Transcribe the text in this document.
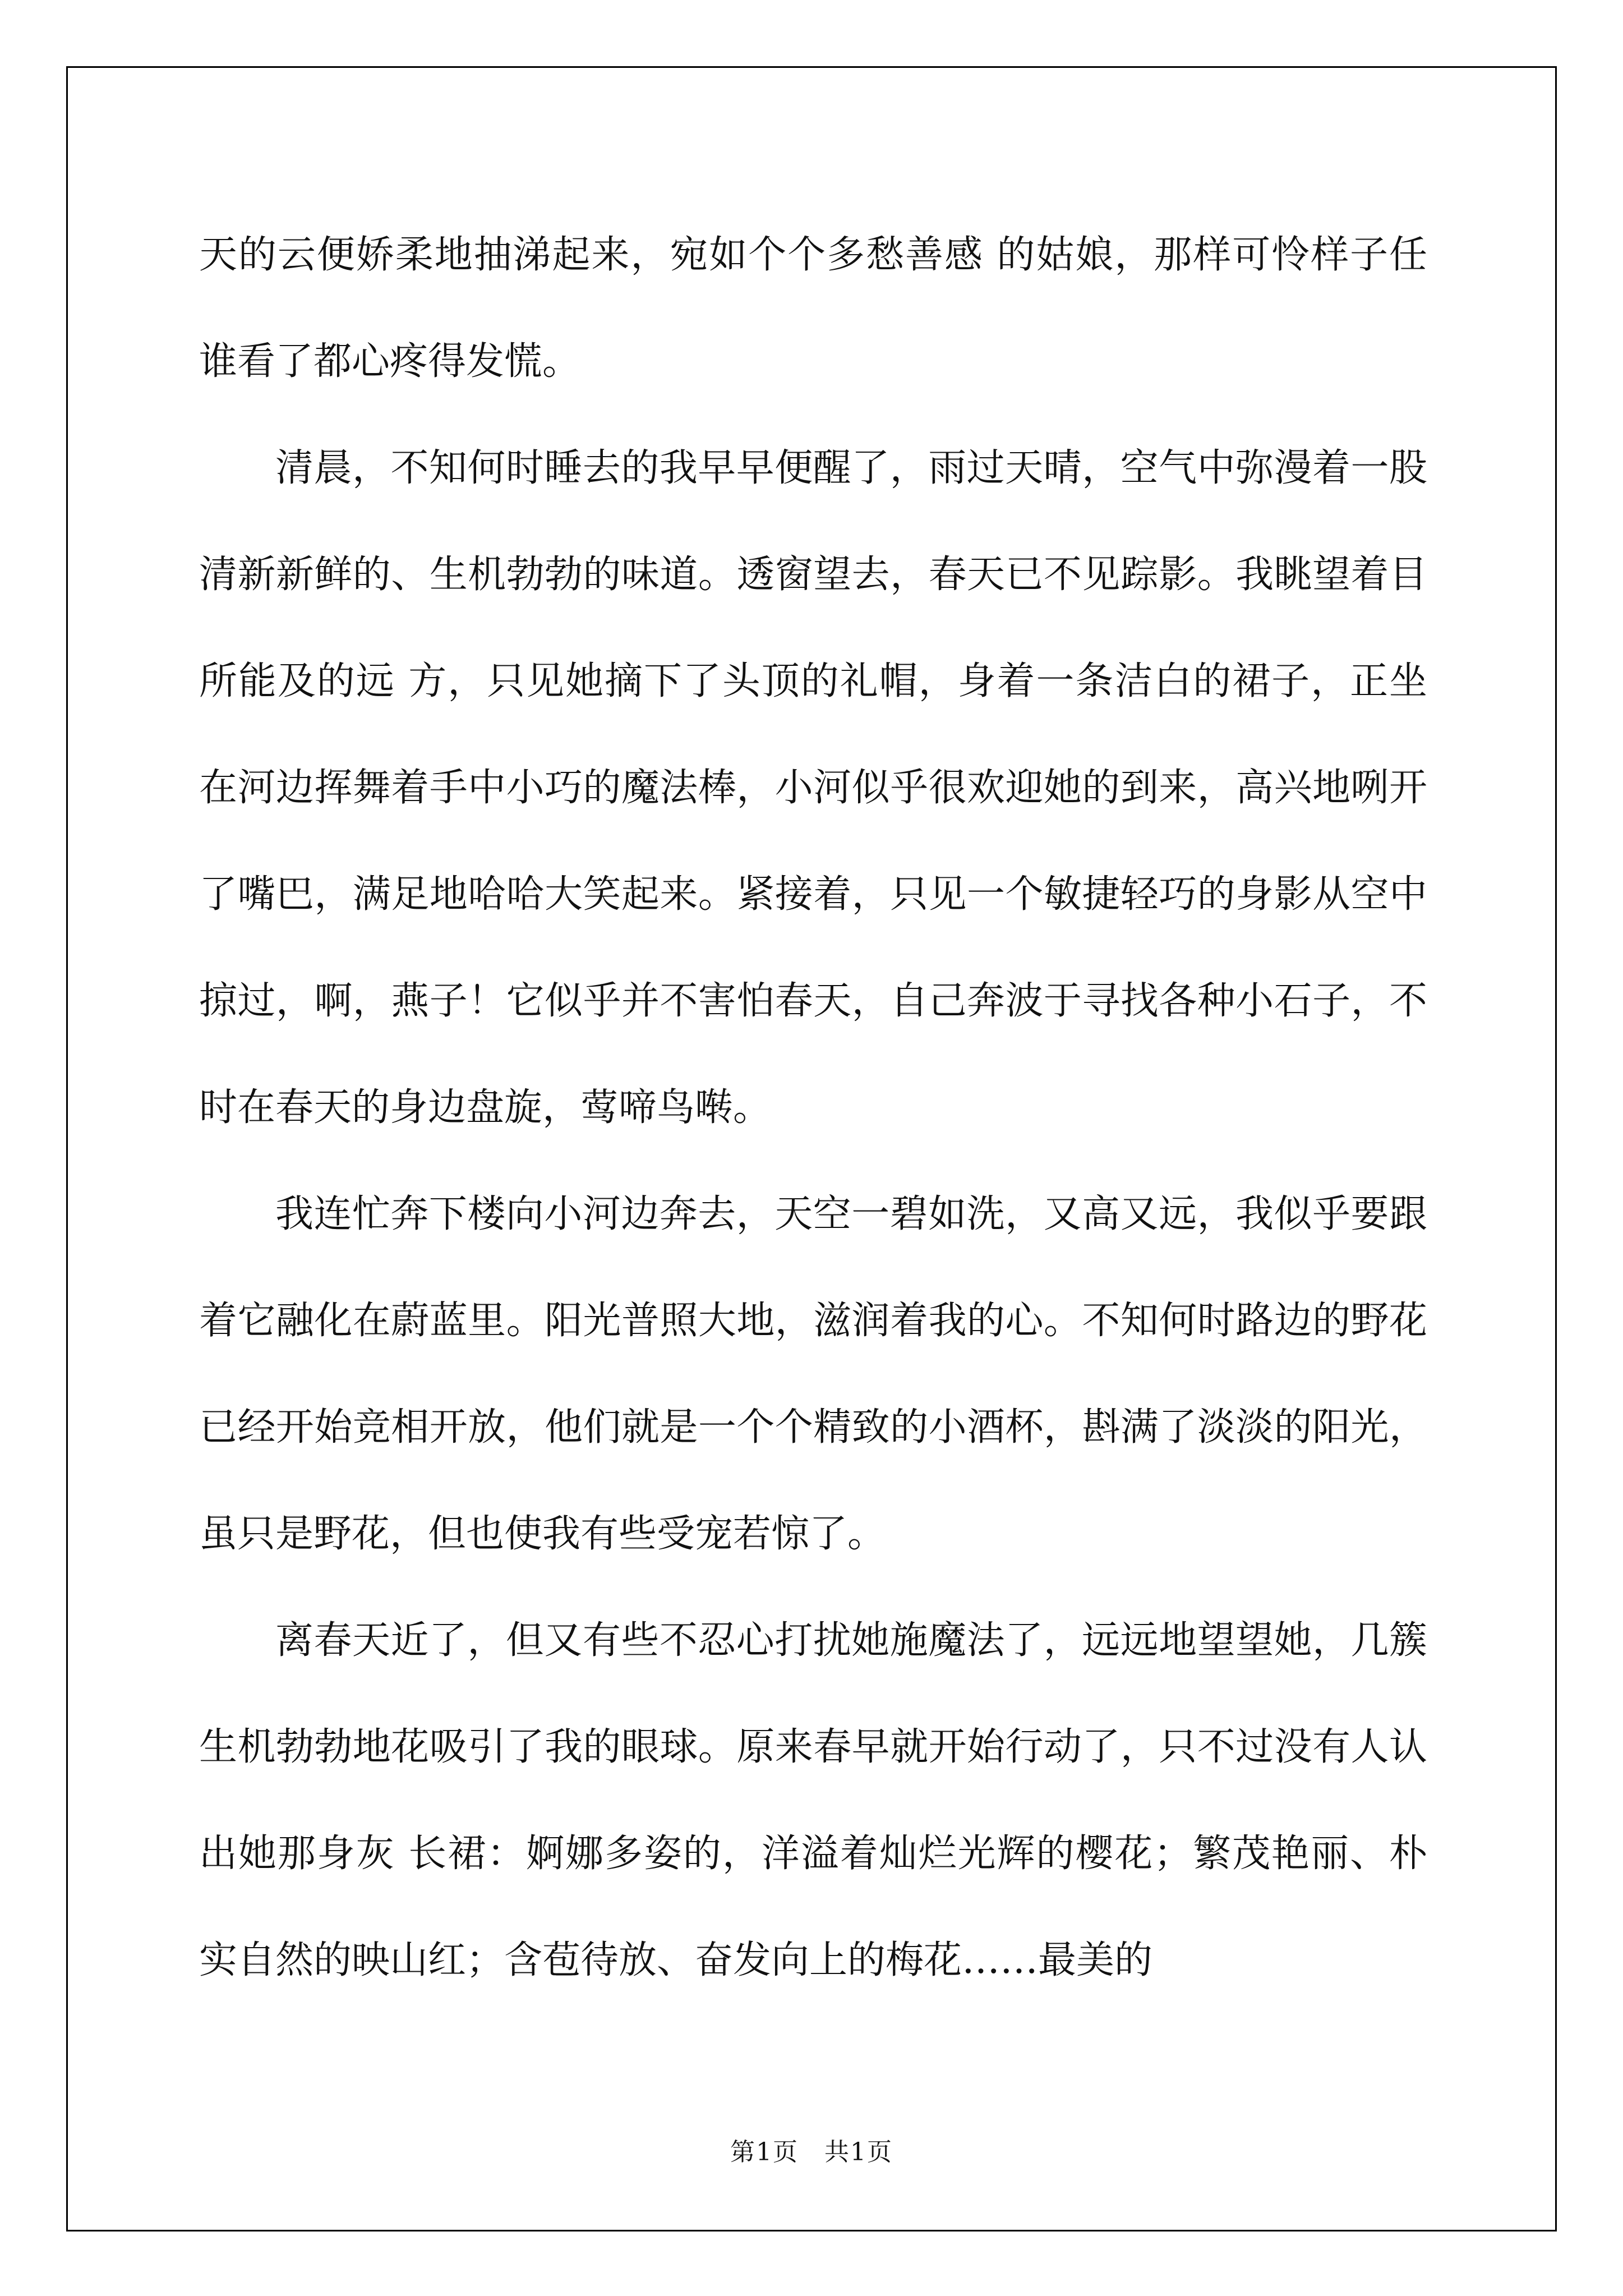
天的云便娇柔地抽涕起来，宛如个个多愁善感 的姑娘，那样可怜样子任谁看了都心疼得发慌。

清晨，不知何时睡去的我早早便醒了，雨过天晴，空气中弥漫着一股清新新鲜的、生机勃勃的味道。透窗望去，春天已不见踪影。我眺望着目所能及的远 方，只见她摘下了头顶的礼帽，身着一条洁白的裙子，正坐在河边挥舞着手中小巧的魔法棒，小河似乎很欢迎她的到来，高兴地咧开了嘴巴，满足地哈哈大笑起来。紧接着，只见一个敏捷轻巧的身影从空中掠过，啊，燕子！它似乎并不害怕春天，自己奔波于寻找各种小石子，不时在春天的身边盘旋，莺啼鸟啭。

我连忙奔下楼向小河边奔去，天空一碧如洗，又高又远，我似乎要跟着它融化在蔚蓝里。阳光普照大地，滋润着我的心。不知何时路边的野花已经开始竞相开放，他们就是一个个精致的小酒杯，斟满了淡淡的阳光，虽只是野花，但也使我有些受宠若惊了。

离春天近了，但又有些不忍心打扰她施魔法了，远远地望望她，几簇生机勃勃地花吸引了我的眼球。原来春早就开始行动了，只不过没有人认出她那身灰 长裙：婀娜多姿的，洋溢着灿烂光辉的樱花；繁茂艳丽、朴实自然的映山红；含苞待放、奋发向上的梅花……最美的

第1页　共1页
